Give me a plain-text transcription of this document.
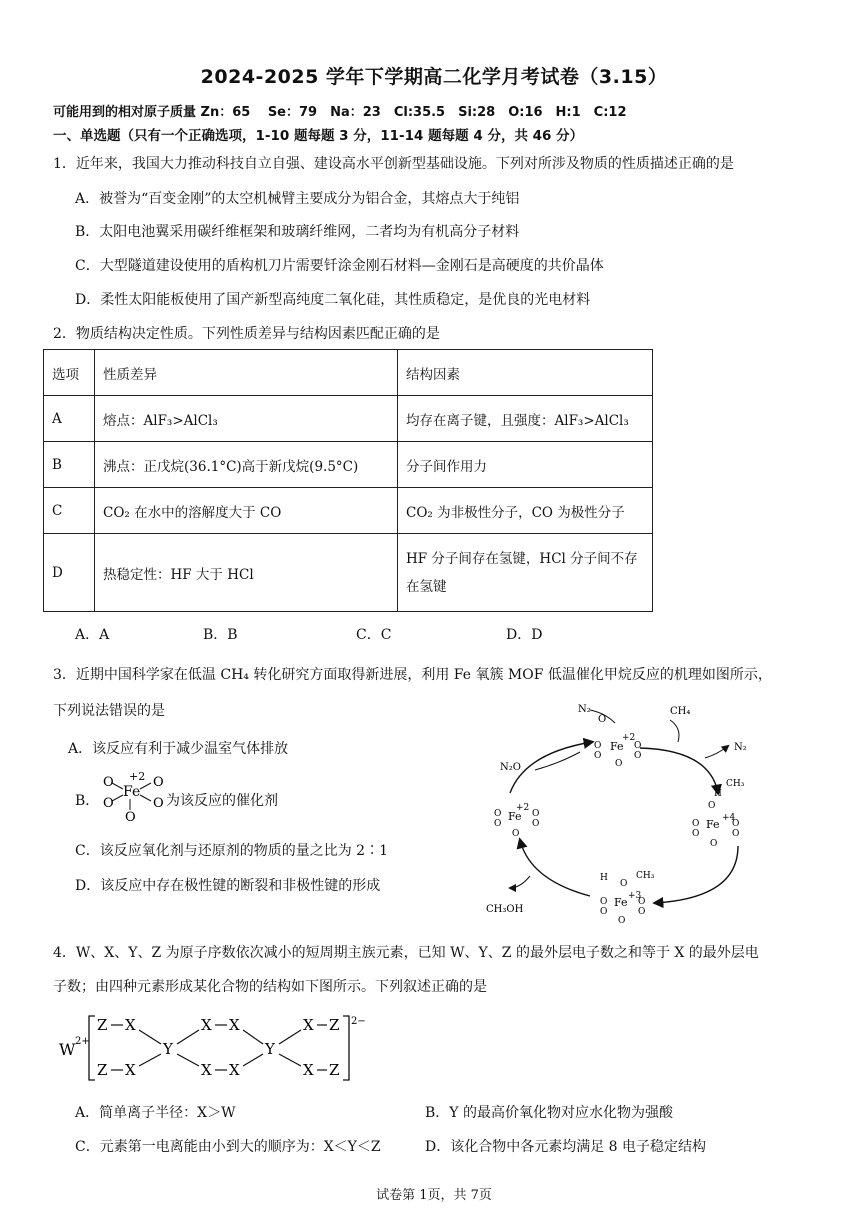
2024-2025 学年下学期高二化学月考试卷（3.15）
可能用到的相对原子质量 Zn：65　 Se：79　Na：23　Cl:35.5　Si:28　O:16　H:1　C:12
一、单选题（只有一个正确选项，1-10 题每题 3 分，11-14 题每题 4 分，共 46 分）
1．近年来，我国大力推动科技自立自强、建设高水平创新型基础设施。下列对所涉及物质的性质描述正确的是
A．被誉为“百变金刚”的太空机械臂主要成分为铝合金，其熔点大于纯铝
B．太阳电池翼采用碳纤维框架和玻璃纤维网，二者均为有机高分子材料
C．大型隧道建设使用的盾构机刀片需要钎涂金刚石材料—金刚石是高硬度的共价晶体
D．柔性太阳能板使用了国产新型高纯度二氧化硅，其性质稳定，是优良的光电材料
2．物质结构决定性质。下列性质差异与结构因素匹配正确的是
选项	性质差异	结构因素
A	熔点：AlF₃>AlCl₃	均存在离子键，且强度：AlF₃>AlCl₃
B	沸点：正戊烷(36.1°C)高于新戊烷(9.5°C)	分子间作用力
C	CO₂ 在水中的溶解度大于 CO	CO₂ 为非极性分子，CO 为极性分子
D	热稳定性：HF 大于 HCl	HF 分子间存在氢键，HCl 分子间不存在氢键
A．A	B．B	C．C	D．D
3．近期中国科学家在低温 CH₄ 转化研究方面取得新进展，利用 Fe 氧簇 MOF 低温催化甲烷反应的机理如图所示，
下列说法错误的是
A．该反应有利于减少温室气体排放
B．
+2
O	O
Fe
O	O
O
为该反应的催化剂
C．该反应氧化剂与还原剂的物质的量之比为 2∶1
D．该反应中存在极性键的断裂和非极性键的形成
N₂
O
CH₄
N₂
N₂O
+2
Fe
O	O
O	O
O
CH₃
H
O
+4
Fe
O	O
O	O
O
H
O
CH₃
+3
Fe
O	O
O	O
O
CH₃OH
+2
Fe
O	O
O	O
O
4．W、X、Y、Z 为原子序数依次减小的短周期主族元素，已知 W、Y、Z 的最外层电子数之和等于 X 的最外层电
子数；由四种元素形成某化合物的结构如下图所示。下列叙述正确的是
W 2+
2−
Z X
Z X
Y
X X
X X
Y
X Z
X Z
A．简单离子半径：X＞W	B．Y 的最高价氧化物对应水化物为强酸
C．元素第一电离能由小到大的顺序为：X＜Y＜Z	D．该化合物中各元素均满足 8 电子稳定结构
试卷第 1页，共 7页
